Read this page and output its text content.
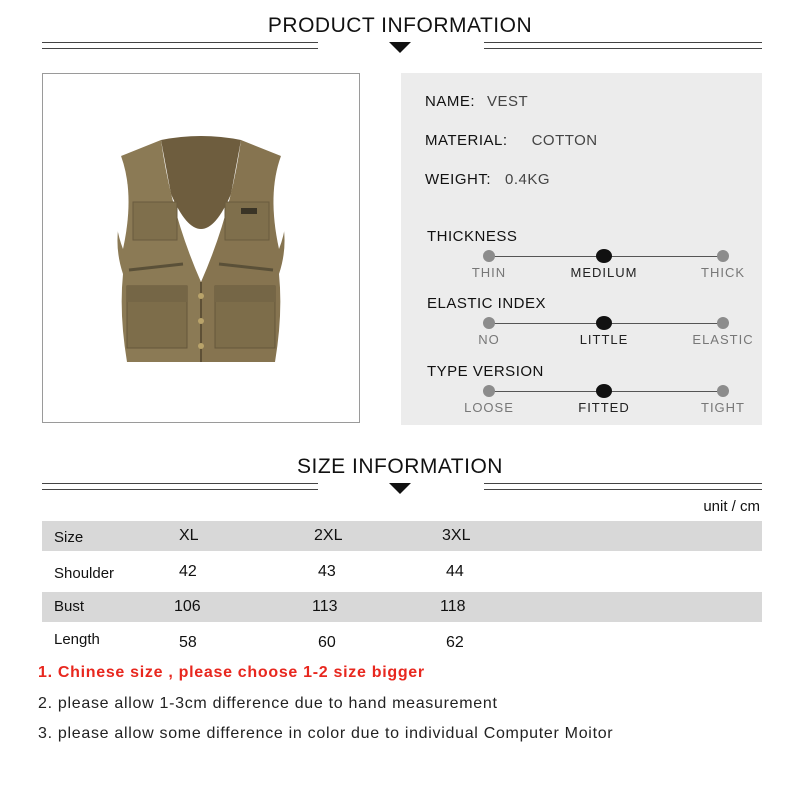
PRODUCT INFORMATION
NAME: VEST
MATERIAL: COTTON
WEIGHT: 0.4KG
THICKNESS
THIN	MEDILUM	THICK
ELASTIC INDEX
NO	LITTLE	ELASTIC
TYPE VERSION
LOOSE	FITTED	TIGHT
SIZE INFORMATION
unit / cm
Size	XL	2XL	3XL
Shoulder	42	43	44
Bust	106	113	118
Length	58	60	62
1. Chinese size , please choose 1-2 size bigger
2. please allow 1-3cm difference due to hand measurement
3. please allow some difference in color due to individual Computer Moitor
